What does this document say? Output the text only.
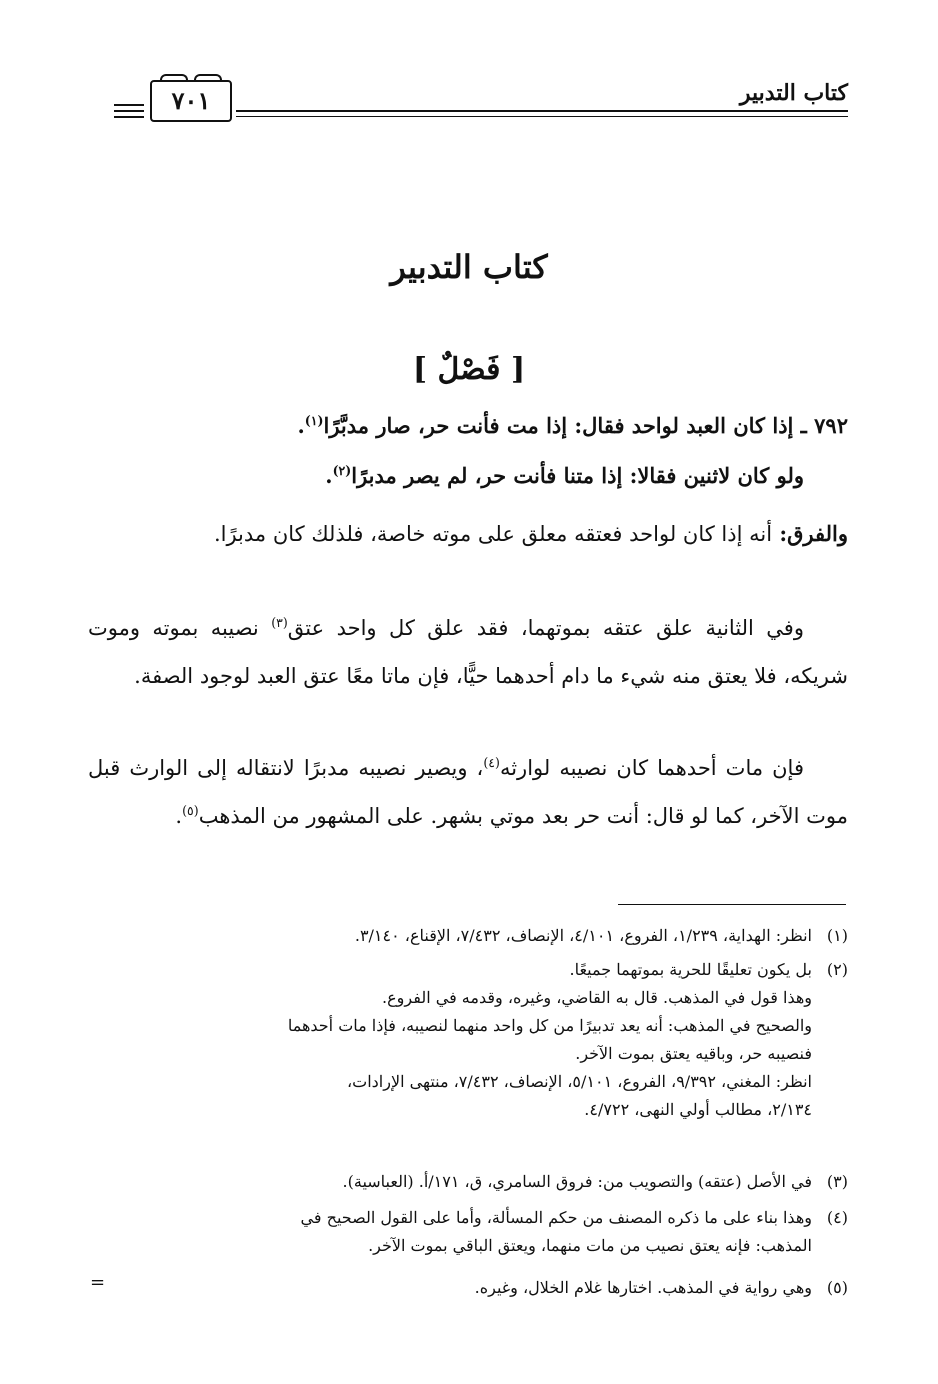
كتاب التدبير
٧٠١
كتاب التدبير
[ فَصْلٌ ]
٧٩٢ ـ إذا كان العبد لواحد فقال: إذا مت فأنت حر، صار مدبَّرًا$^{(١)}$.
ولو كان لاثنين فقالا: إذا متنا فأنت حر، لم يصر مدبرًا$^{(٢)}$.
والفرق: أنه إذا كان لواحد فعتقه معلق على موته خاصة، فلذلك كان مدبرًا.
وفي الثانية علق عتقه بموتهما، فقد علق كل واحد عتق$^{(٣)}$ نصيبه بموته وموت شريكه، فلا يعتق منه شيء ما دام أحدهما حيًّا، فإن ماتا معًا عتق العبد لوجود الصفة.
فإن مات أحدهما كان نصيبه لوارثه$^{(٤)}$، ويصير نصيبه مدبرًا لانتقاله إلى الوارث قبل موت الآخر، كما لو قال: أنت حر بعد موتي بشهر. على المشهور من المذهب$^{(٥)}$.
(١)
انظر: الهداية، ١/٢٣٩، الفروع، ٤/١٠١، الإنصاف، ٧/٤٣٢، الإقناع، ٣/١٤٠.
(٢)
بل يكون تعليقًا للحرية بموتهما جميعًا.
وهذا قول في المذهب. قال به القاضي، وغيره، وقدمه في الفروع.
والصحيح في المذهب: أنه يعد تدبيرًا من كل واحد منهما لنصيبه، فإذا مات أحدهما
فنصيبه حر، وباقيه يعتق بموت الآخر.
انظر: المغني، ٩/٣٩٢، الفروع، ٥/١٠١، الإنصاف، ٧/٤٣٢، منتهى الإرادات،
٢/١٣٤، مطالب أولي النهى، ٤/٧٢٢.
(٣)
في الأصل (عتقه) والتصويب من: فروق السامري، ق، ١٧١/أ. (العباسية).
(٤)
وهذا بناء على ما ذكره المصنف من حكم المسألة، وأما على القول الصحيح في
المذهب: فإنه يعتق نصيب من مات منهما، ويعتق الباقي بموت الآخر.
(٥)
وهي رواية في المذهب. اختارها غلام الخلال، وغيره.
=
